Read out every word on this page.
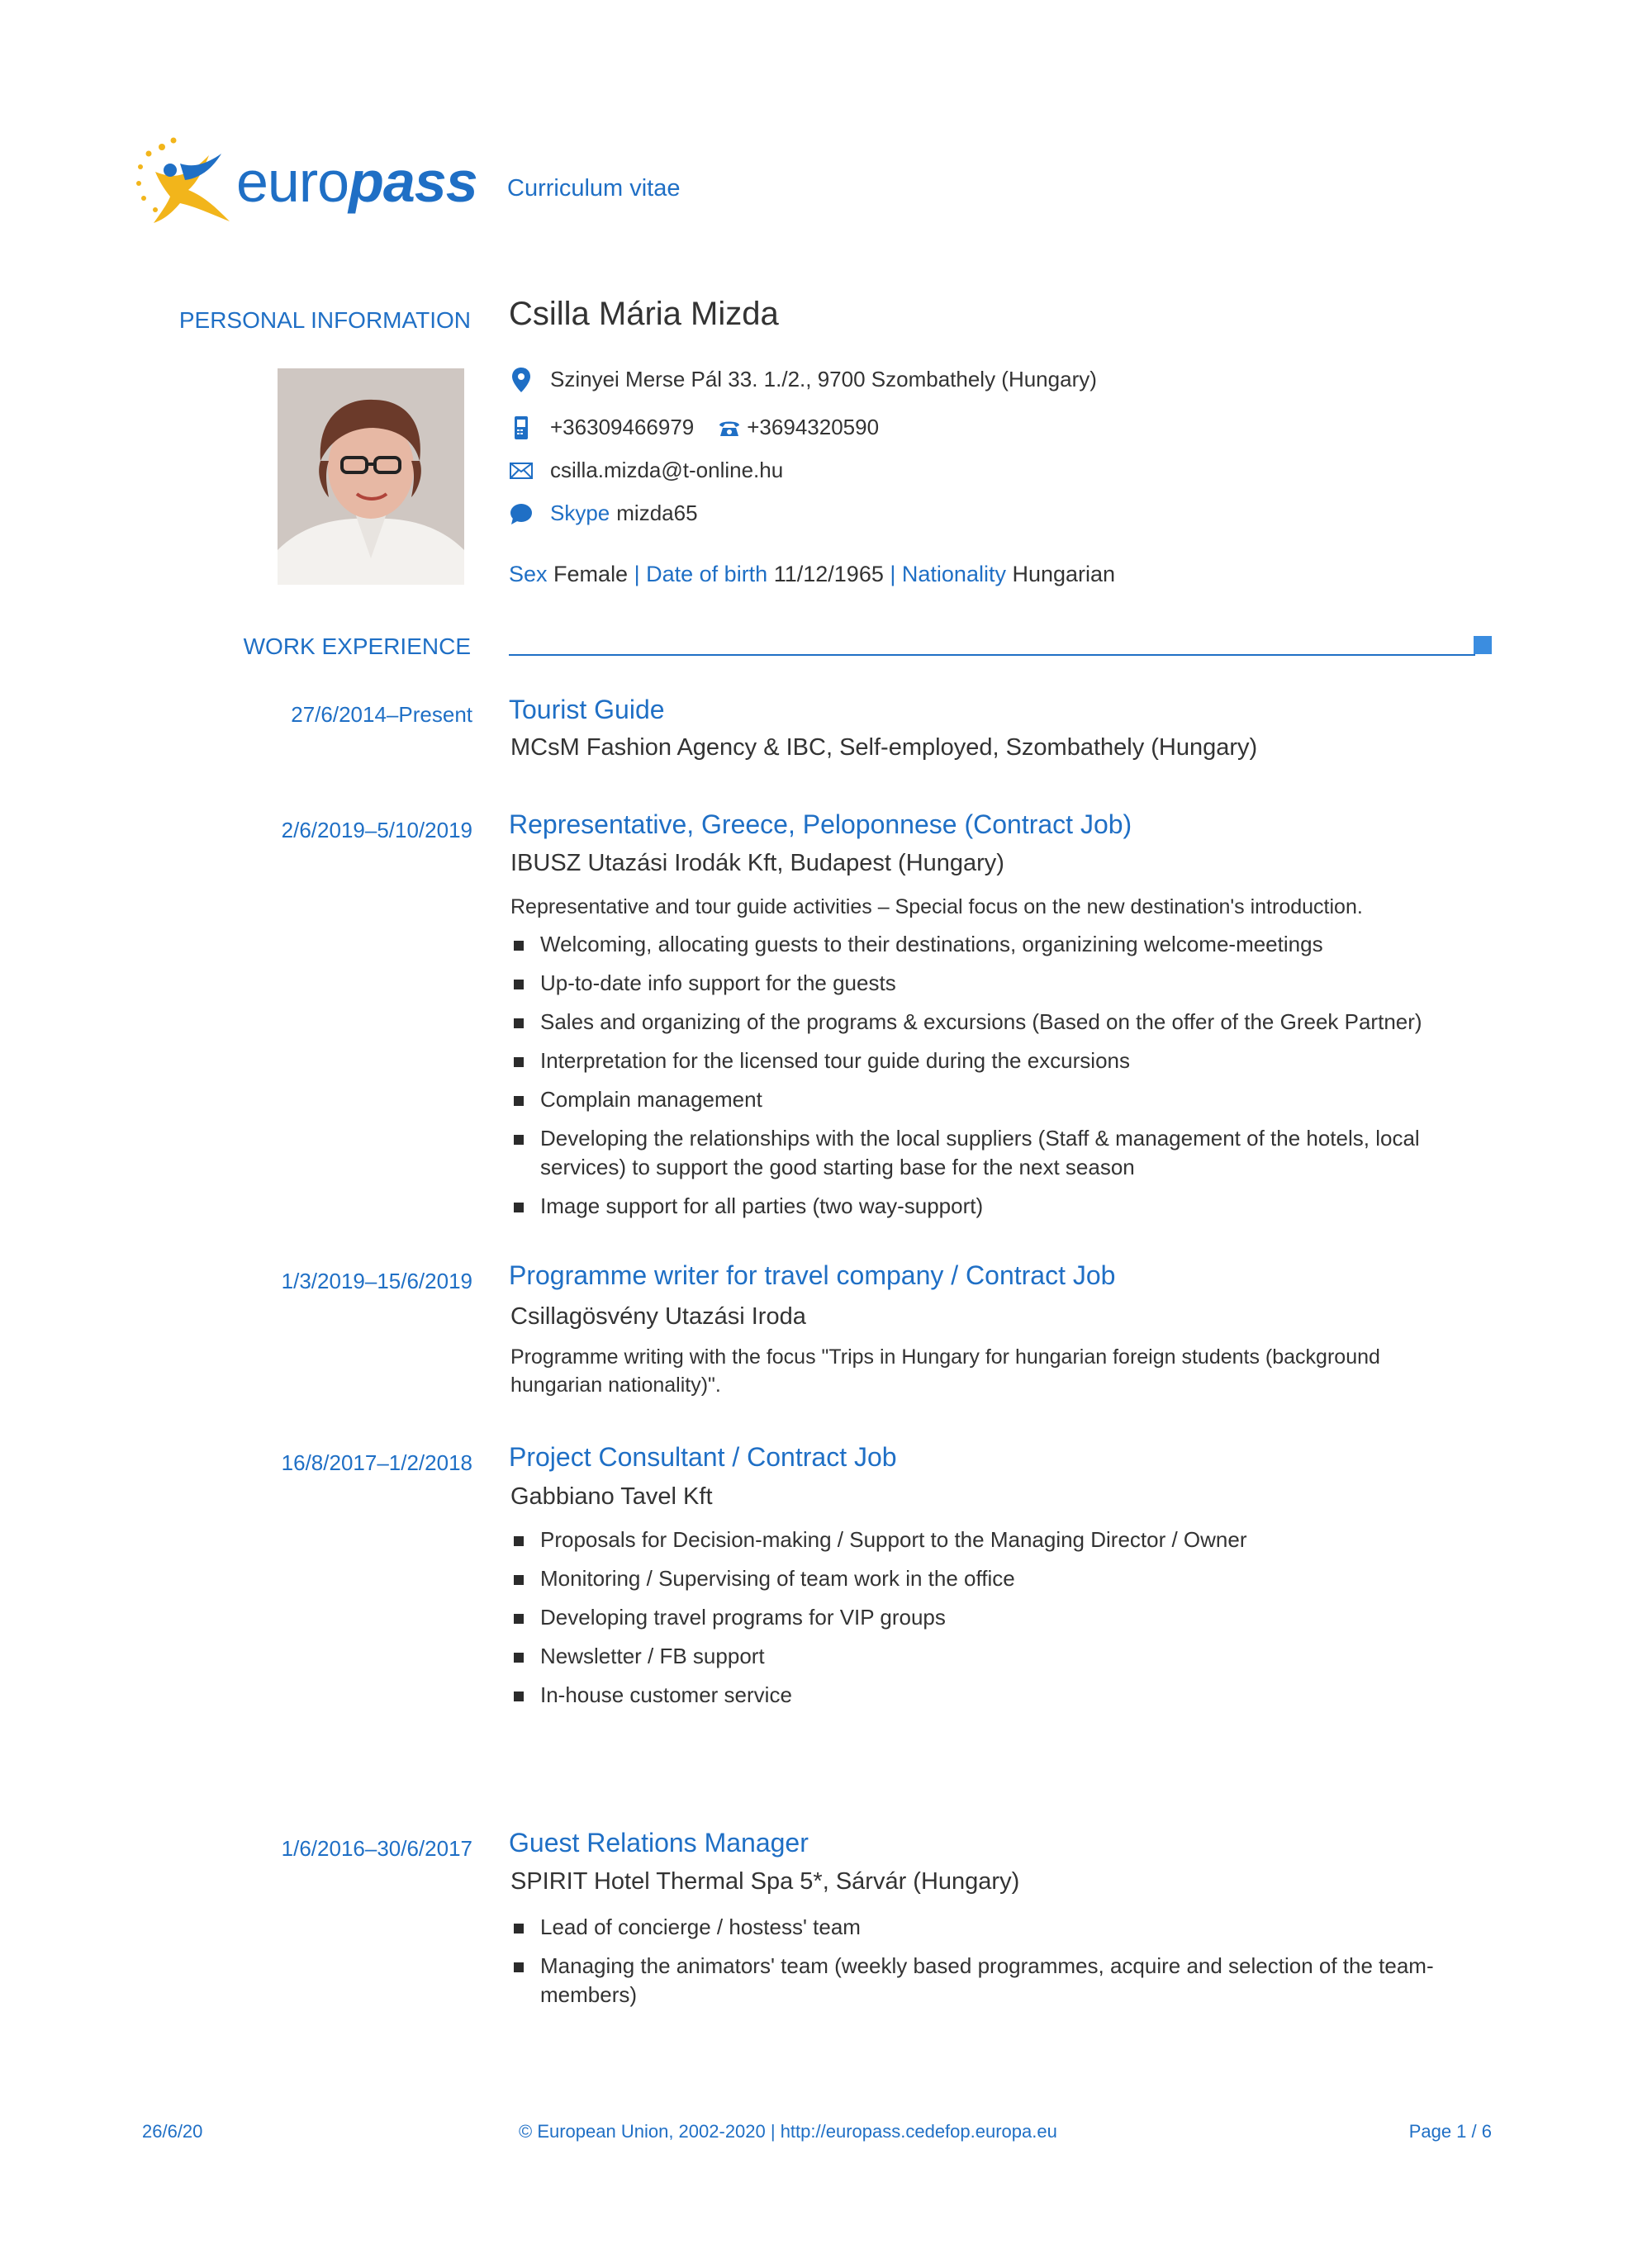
europass Curriculum vitae
PERSONAL INFORMATION Csilla Mária Mizda
Szinyei Merse Pál 33. 1./2., 9700 Szombathely (Hungary)
+36309466979 +3694320590
csilla.mizda@t-online.hu
Skype mizda65
Sex Female | Date of birth 11/12/1965 | Nationality Hungarian
WORK EXPERIENCE
27/6/2014–Present Tourist Guide
MCsM Fashion Agency & IBC, Self-employed, Szombathely (Hungary)
2/6/2019–5/10/2019 Representative, Greece, Peloponnese (Contract Job)
IBUSZ Utazási Irodák Kft, Budapest (Hungary)
Representative and tour guide activities – Special focus on the new destination's introduction.
Welcoming, allocating guests to their destinations, organizining welcome-meetings
Up-to-date info support for the guests
Sales and organizing of the programs & excursions (Based on the offer of the Greek Partner)
Interpretation for the licensed tour guide during the excursions
Complain management
Developing the relationships with the local suppliers (Staff & management of the hotels, local services) to support the good starting base for the next season
Image support for all parties (two way-support)
1/3/2019–15/6/2019 Programme writer for travel company / Contract Job
Csillagösvény Utazási Iroda
Programme writing with the focus "Trips in Hungary for hungarian foreign students (background hungarian nationality)".
16/8/2017–1/2/2018 Project Consultant / Contract Job
Gabbiano Tavel Kft
Proposals for Decision-making / Support to the Managing Director / Owner
Monitoring / Supervising of team work in the office
Developing travel programs for VIP groups
Newsletter / FB support
In-house customer service
1/6/2016–30/6/2017 Guest Relations Manager
SPIRIT Hotel Thermal Spa 5*, Sárvár (Hungary)
Lead of concierge / hostess' team
Managing the animators' team (weekly based programmes, acquire and selection of the team-members)
26/6/20	© European Union, 2002-2020 | http://europass.cedefop.europa.eu	Page 1 / 6
